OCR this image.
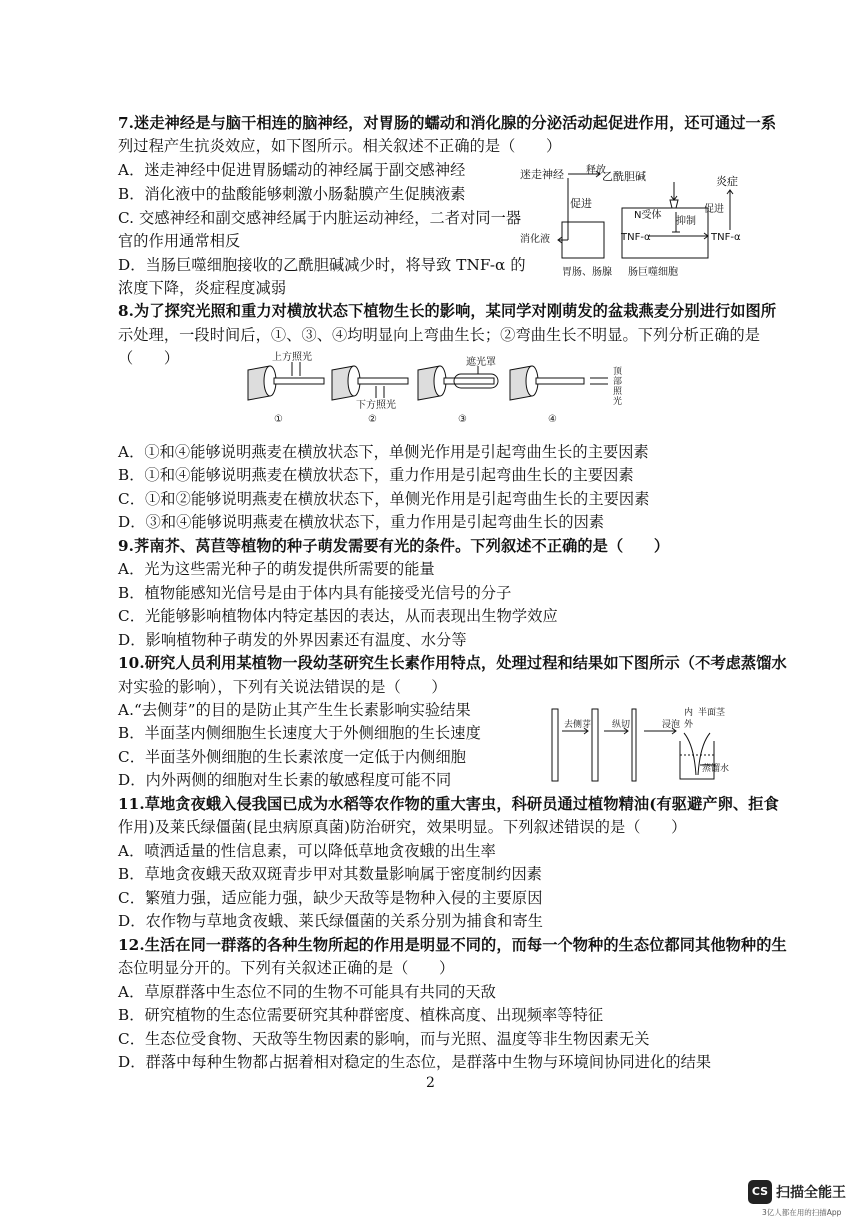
7.迷走神经是与脑干相连的脑神经，对胃肠的蠕动和消化腺的分泌活动起促进作用，还可通过一系
列过程产生抗炎效应，如下图所示。相关叙述不正确的是（　　）
A．迷走神经中促进胃肠蠕动的神经属于副交感神经
B．消化液中的盐酸能够刺激小肠黏膜产生促胰液素
C. 交感神经和副交感神经属于内脏运动神经，二者对同一器
官的作用通常相反
D．当肠巨噬细胞接收的乙酰胆碱减少时，将导致 TNF-α 的
浓度下降，炎症程度减弱
8.为了探究光照和重力对横放状态下植物生长的影响，某同学对刚萌发的盆栽燕麦分别进行如图所
示处理，一段时间后，①、③、④均明显向上弯曲生长；②弯曲生长不明显。下列分析正确的是
（　　）
A．①和④能够说明燕麦在横放状态下，单侧光作用是引起弯曲生长的主要因素
B．①和④能够说明燕麦在横放状态下，重力作用是引起弯曲生长的主要因素
C．①和②能够说明燕麦在横放状态下，单侧光作用是引起弯曲生长的主要因素
D．③和④能够说明燕麦在横放状态下，重力作用是引起弯曲生长的因素
9.荠南芥、莴苣等植物的种子萌发需要有光的条件。下列叙述不正确的是（　　）
A．光为这些需光种子的萌发提供所需要的能量
B．植物能感知光信号是由于体内具有能接受光信号的分子
C．光能够影响植物体内特定基因的表达，从而表现出生物学效应
D．影响植物种子萌发的外界因素还有温度、水分等
10.研究人员利用某植物一段幼茎研究生长素作用特点，处理过程和结果如下图所示（不考虑蒸馏水
对实验的影响），下列有关说法错误的是（　　）
A.“去侧芽”的目的是防止其产生生长素影响实验结果
B．半面茎内侧细胞生长速度大于外侧细胞的生长速度
C．半面茎外侧细胞的生长素浓度一定低于内侧细胞
D．内外两侧的细胞对生长素的敏感程度可能不同
11.草地贪夜蛾入侵我国已成为水稻等农作物的重大害虫，科研员通过植物精油(有驱避产卵、拒食
作用)及莱氏绿僵菌(昆虫病原真菌)防治研究，效果明显。下列叙述错误的是（　　）
A．喷洒适量的性信息素，可以降低草地贪夜蛾的出生率
B．草地贪夜蛾天敌双斑青步甲对其数量影响属于密度制约因素
C．繁殖力强，适应能力强，缺少天敌等是物种入侵的主要原因
D．农作物与草地贪夜蛾、莱氏绿僵菌的关系分别为捕食和寄生
12.生活在同一群落的各种生物所起的作用是明显不同的，而每一个物种的生态位都同其他物种的生
态位明显分开的。下列有关叙述正确的是（　　）
A．草原群落中生态位不同的生物不可能具有共同的天敌
B．研究植物的生态位需要研究其种群密度、植株高度、出现频率等特征
C．生态位受食物、天敌等生物因素的影响，而与光照、温度等非生物因素无关
D．群落中每种生物都占据着相对稳定的生态位，是群落中生物与环境间协同进化的结果
迷走神经 释放
乙酰胆碱	炎症
促进
N受体
抑制
促进
消化液	TNF-α	TNF-α
胃肠、肠腺 肠巨噬细胞
上方照光
下方照光
遮光罩
顶
部
照
光
①	②	③	④
去侧芽 纵切	浸泡
半面茎
内
外
蒸馏水
2
CS 扫描全能王
3亿人都在用的扫描App
